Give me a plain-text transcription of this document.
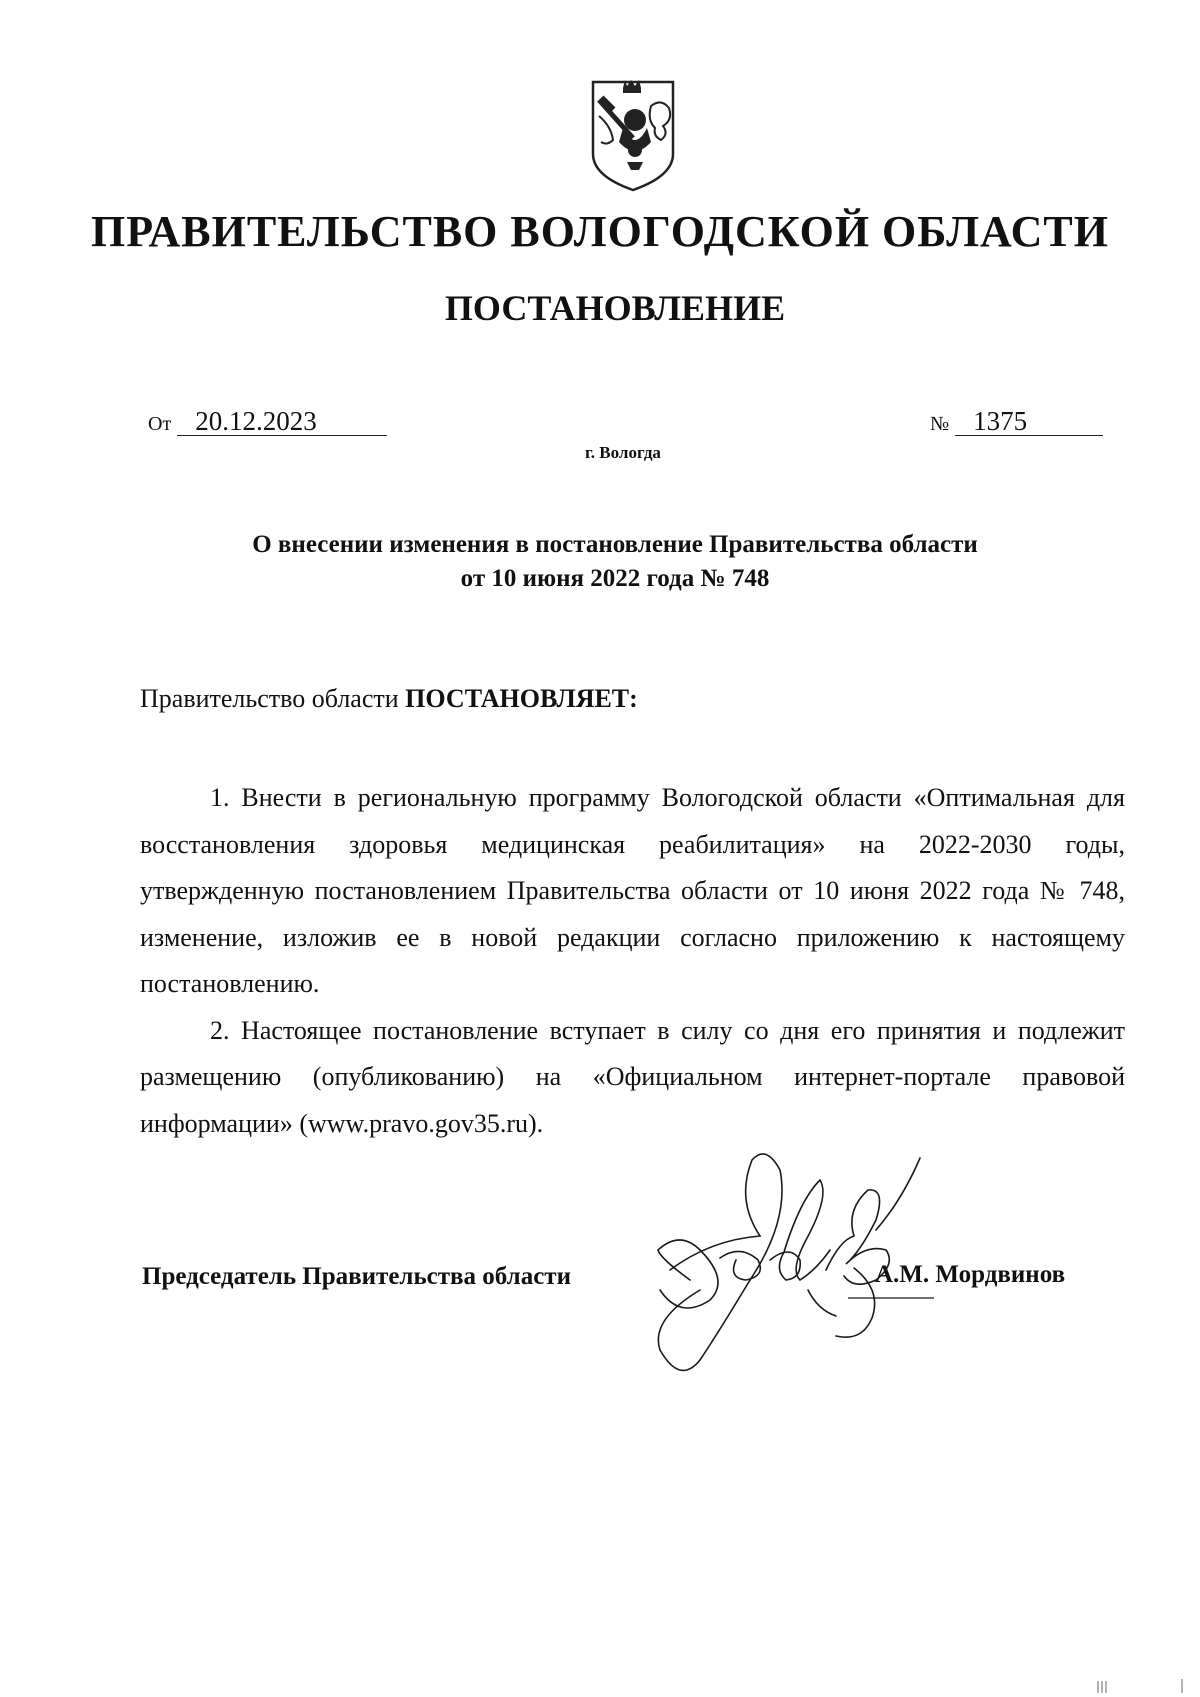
ПРАВИТЕЛЬСТВО ВОЛОГОДСКОЙ ОБЛАСТИ
ПОСТАНОВЛЕНИЕ
От 20.12.2023	№ 1375
г. Вологда
О внесении изменения в постановление Правительства области
от 10 июня 2022 года № 748

Правительство области ПОСТАНОВЛЯЕТ:

1. Внести в региональную программу Вологодской области «Оптимальная для восстановления здоровья медицинская реабилитация» на 2022-2030 годы, утвержденную постановлением Правительства области от 10 июня 2022 года № 748, изменение, изложив ее в новой редакции согласно приложению к настоящему постановлению.

2. Настоящее постановление вступает в силу со дня его принятия и подлежит размещению (опубликованию) на «Официальном интернет-портале правовой информации» (www.pravo.gov35.ru).

Председатель Правительства области	А.М. Мордвинов
